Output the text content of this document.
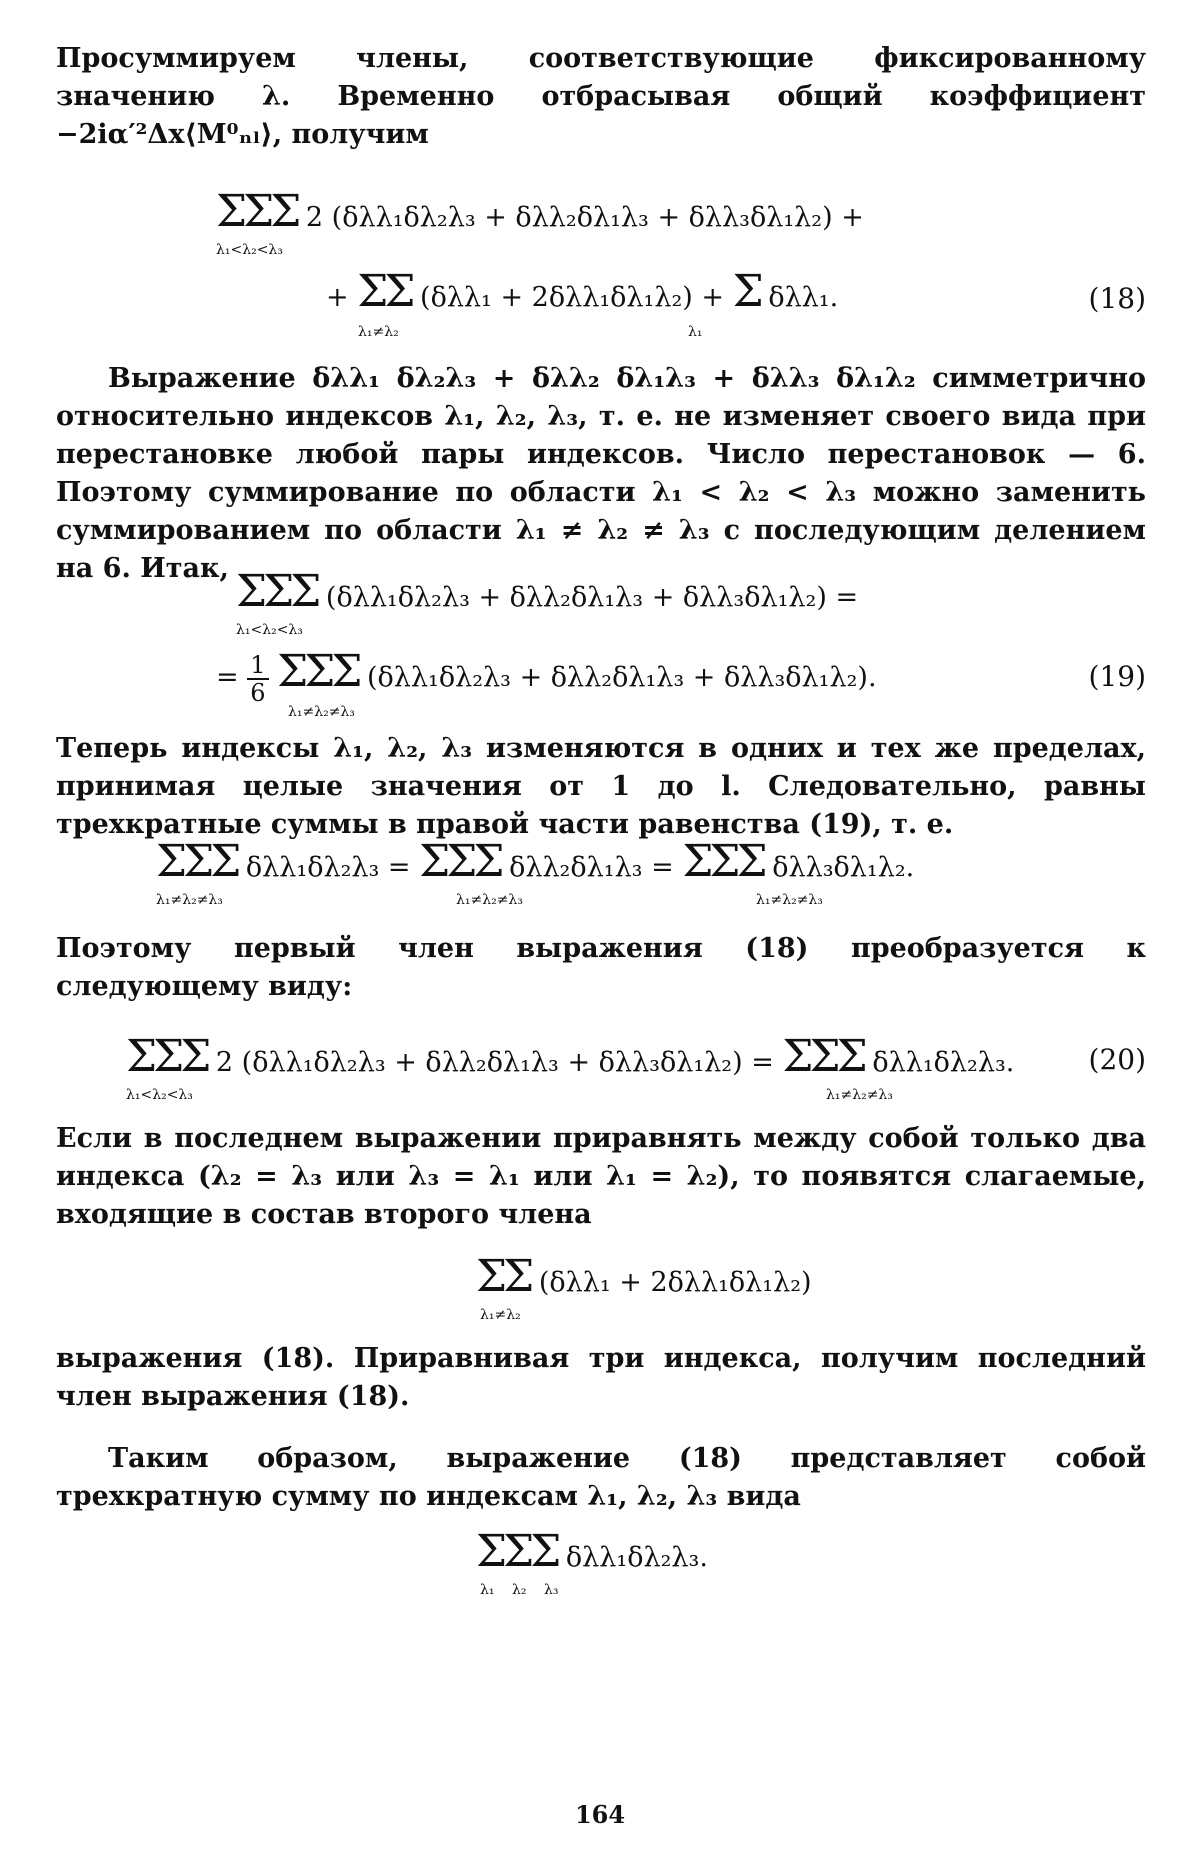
Просуммируем члены, соответствующие фиксированному значению λ. Временно отбрасывая общий коэффициент −2iα′²Δx⟨M⁰ₙₗ⟩, получим

ΣΣΣ 2 (δλλ₁δλ₂λ₃ + δλλ₂δλ₁λ₃ + δλλ₃δλ₁λ₂) +
λ₁<λ₂<λ₃
+ ΣΣ (δλλ₁ + 2δλλ₁δλ₁λ₂) + Σ δλλ₁.
λ₁≠λ₂	λ₁
(18)

Выражение δλλ₁ δλ₂λ₃ + δλλ₂ δλ₁λ₃ + δλλ₃ δλ₁λ₂ симметрично относительно индексов λ₁, λ₂, λ₃, т. е. не изменяет своего вида при перестановке любой пары индексов. Число перестановок — 6. Поэтому суммирование по области λ₁ < λ₂ < λ₃ можно заменить суммированием по области λ₁ ≠ λ₂ ≠ λ₃ с последующим делением на 6. Итак, ΣΣΣ (δλλ₁δλ₂λ₃ + δλλ₂δλ₁λ₃ + δλλ₃δλ₁λ₂) =
λ₁<λ₂<λ₃
= $\frac{1}{6}$ ΣΣΣ (δλλ₁δλ₂λ₃ + δλλ₂δλ₁λ₃ + δλλ₃δλ₁λ₂).
λ₁≠λ₂≠λ₃
(19)

Теперь индексы λ₁, λ₂, λ₃ изменяются в одних и тех же пределах, принимая целые значения от 1 до l. Следовательно, равны трехкратные суммы в правой части равенства (19), т. е.

ΣΣΣ δλλ₁δλ₂λ₃ = ΣΣΣ δλλ₂δλ₁λ₃ = ΣΣΣ δλλ₃δλ₁λ₂.
λ₁≠λ₂≠λ₃	λ₁≠λ₂≠λ₃	λ₁≠λ₂≠λ₃

Поэтому первый член выражения (18) преобразуется к следующему виду:

ΣΣΣ 2 (δλλ₁δλ₂λ₃ + δλλ₂δλ₁λ₃ + δλλ₃δλ₁λ₂) = ΣΣΣ δλλ₁δλ₂λ₃.
λ₁<λ₂<λ₃	λ₁≠λ₂≠λ₃
(20)

Если в последнем выражении приравнять между собой только два индекса (λ₂ = λ₃ или λ₃ = λ₁ или λ₁ = λ₂), то появятся слагаемые, входящие в состав второго члена

ΣΣ (δλλ₁ + 2δλλ₁δλ₁λ₂)
λ₁≠λ₂

выражения (18). Приравнивая три индекса, получим последний член выражения (18).

Таким образом, выражение (18) представляет собой трехкратную сумму по индексам λ₁, λ₂, λ₃ вида

ΣΣΣ δλλ₁δλ₂λ₃.
λ₁ λ₂ λ₃
164
